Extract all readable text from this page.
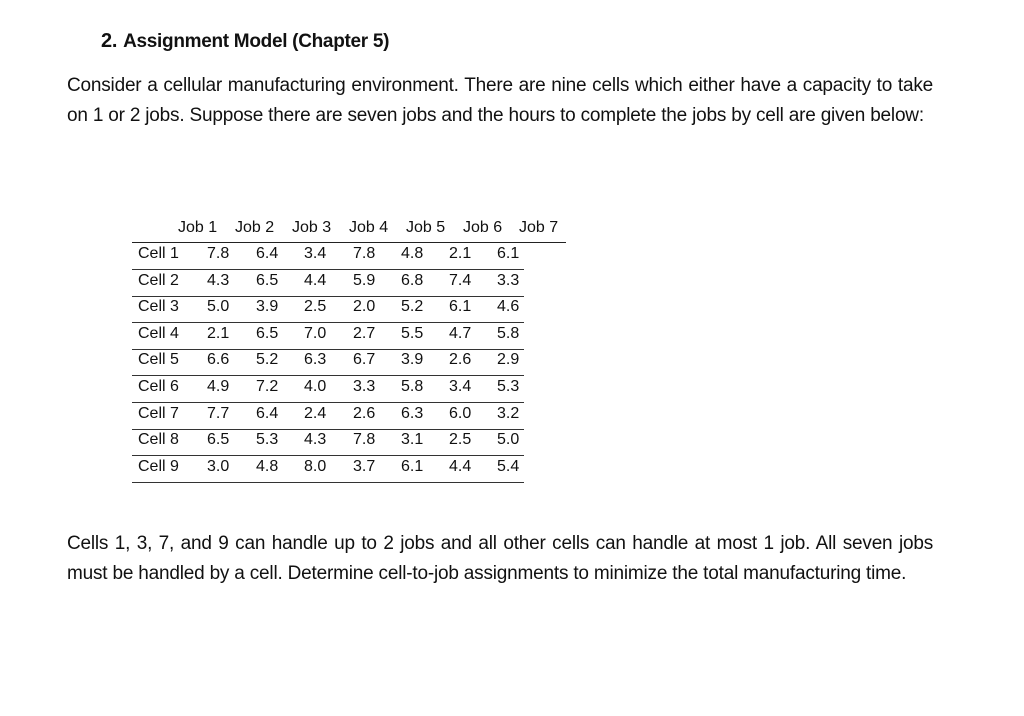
2. Assignment Model (Chapter 5)
Consider a cellular manufacturing environment. There are nine cells which either have a capacity to take on 1 or 2 jobs. Suppose there are seven jobs and the hours to complete the jobs by cell are given below:
Job 1 Job 2 Job 3 Job 4 Job 5 Job 6 Job 7
Cell 1 7.8 6.4 3.4 7.8 4.8 2.1 6.1
Cell 2 4.3 6.5 4.4 5.9 6.8 7.4 3.3
Cell 3 5.0 3.9 2.5 2.0 5.2 6.1 4.6
Cell 4 2.1 6.5 7.0 2.7 5.5 4.7 5.8
Cell 5 6.6 5.2 6.3 6.7 3.9 2.6 2.9
Cell 6 4.9 7.2 4.0 3.3 5.8 3.4 5.3
Cell 7 7.7 6.4 2.4 2.6 6.3 6.0 3.2
Cell 8 6.5 5.3 4.3 7.8 3.1 2.5 5.0
Cell 9 3.0 4.8 8.0 3.7 6.1 4.4 5.4
Cells 1, 3, 7, and 9 can handle up to 2 jobs and all other cells can handle at most 1 job. All seven jobs must be handled by a cell. Determine cell-to-job assignments to minimize the total manufacturing time.
